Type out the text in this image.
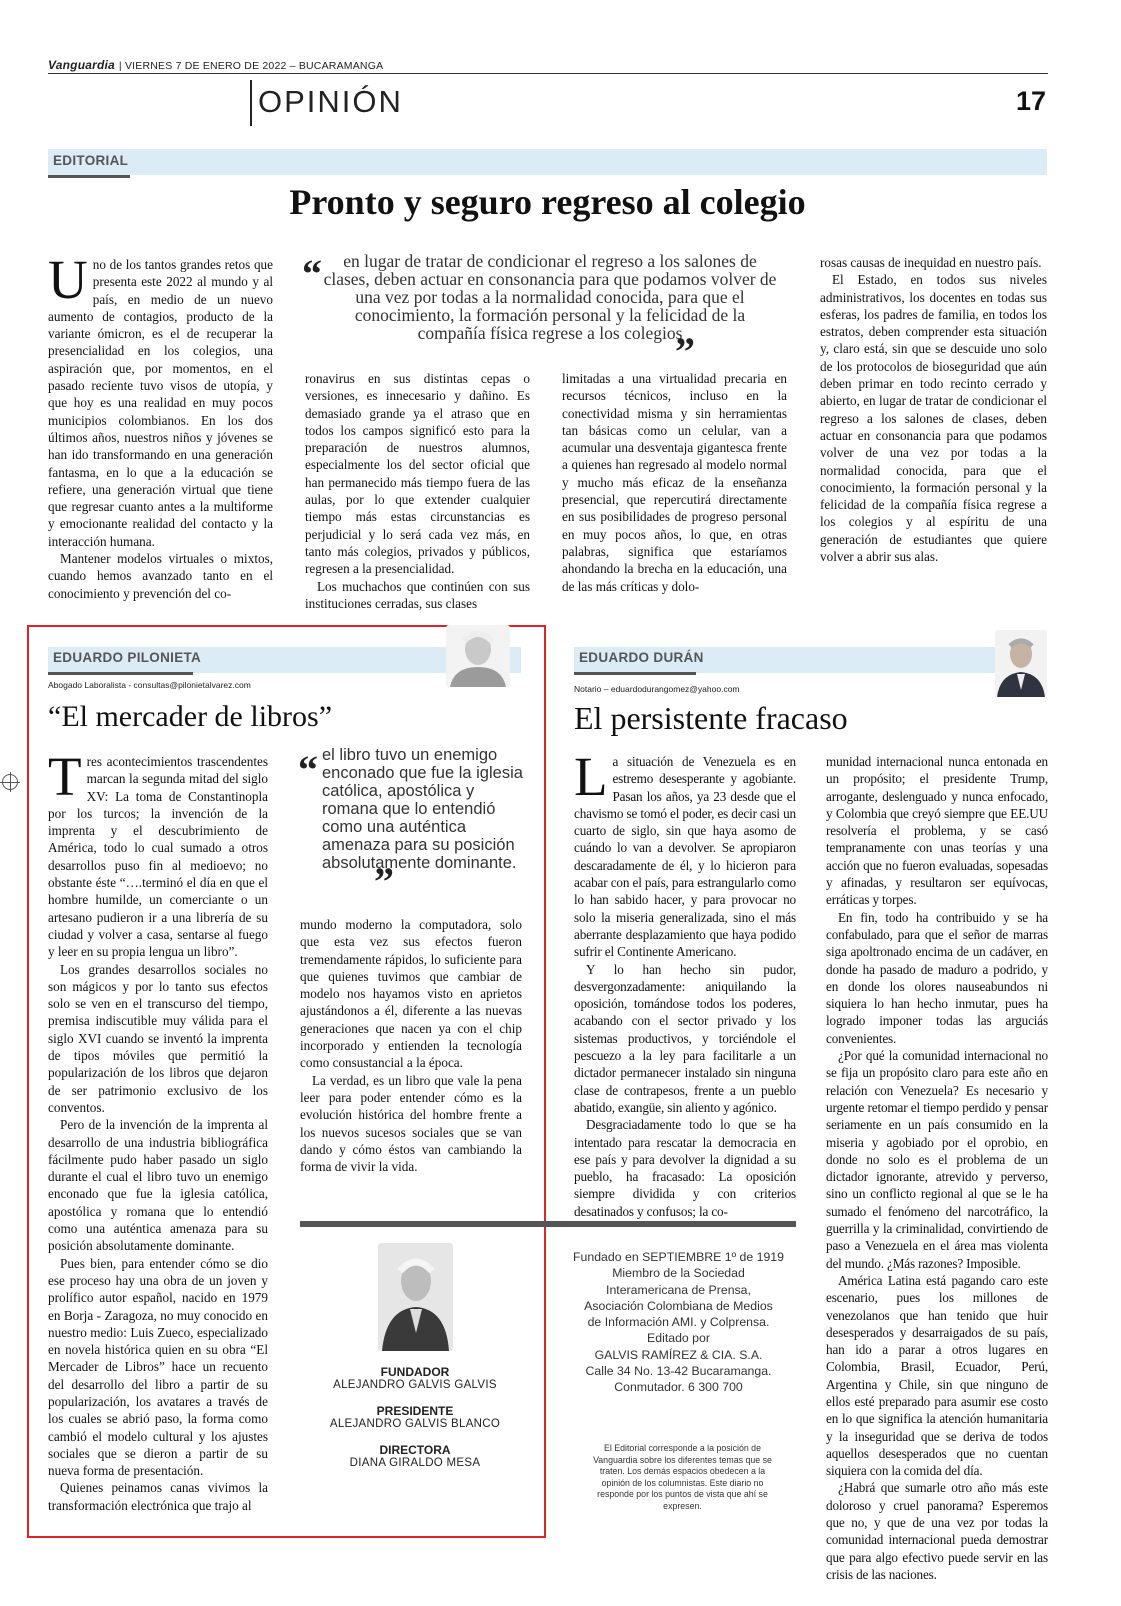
Vanguardia | VIERNES 7 DE ENERO DE 2022 – BUCARAMANGA
OPINIÓN	17
EDITORIAL
Pronto y seguro regreso al colegio

Uno de los tantos grandes retos que presenta este 2022 al mundo y al país, en medio de un nuevo aumento de contagios, producto de la variante ómicron, es el de recuperar la presencialidad en los colegios, una aspiración que, por momentos, en el pasado reciente tuvo visos de utopía, y que hoy es una realidad en muy pocos municipios colombianos. En los dos últimos años, nuestros niños y jóvenes se han ido transformando en una generación fantasma, en lo que a la educación se refiere, una generación virtual que tiene que regresar cuanto antes a la multiforme y emocionante realidad del contacto y la interacción humana.

Mantener modelos virtuales o mixtos, cuando hemos avanzado tanto en el conocimiento y prevención del co-

“	en lugar de tratar de condicionar el regreso a los salones de clases, deben actuar en consonancia para que podamos volver de una vez por todas a la normalidad conocida, para que el conocimiento, la formación personal y la felicidad de la compañía física regrese a los colegios

”

ronavirus en sus distintas cepas o versiones, es innecesario y dañino. Es demasiado grande ya el atraso que en todos los campos significó esto para la preparación de nuestros alumnos, especialmente los del sector oficial que han permanecido más tiempo fuera de las aulas, por lo que extender cualquier tiempo más estas circunstancias es perjudicial y lo será cada vez más, en tanto más colegios, privados y públicos, regresen a la presencialidad.

Los muchachos que continúen con sus instituciones cerradas, sus clases

limitadas a una virtualidad precaria en recursos técnicos, incluso en la conectividad misma y sin herramientas tan básicas como un celular, van a acumular una desventaja gigantesca frente a quienes han regresado al modelo normal y mucho más eficaz de la enseñanza presencial, que repercutirá directamente en sus posibilidades de progreso personal en muy pocos años, lo que, en otras palabras, significa que estaríamos ahondando la brecha en la educación, una de las más críticas y dolo-

rosas causas de inequidad en nuestro país.

El Estado, en todos sus niveles administrativos, los docentes en todas sus esferas, los padres de familia, en todos los estratos, deben comprender esta situación y, claro está, sin que se descuide uno solo de los protocolos de bioseguridad que aún deben primar en todo recinto cerrado y abierto, en lugar de tratar de condicionar el regreso a los salones de clases, deben actuar en consonancia para que podamos volver de una vez por todas a la normalidad conocida, para que el conocimiento, la formación personal y la felicidad de la compañía física regrese a los colegios y al espíritu de una generación de estudiantes que quiere volver a abrir sus alas.

EDUARDO PILONIETA
Abogado Laboralista - consultas@pilonietalvarez.com
“El mercader de libros”

Tres acontecimientos trascendentes marcan la segunda mitad del siglo XV: La toma de Constantinopla por los turcos; la invención de la imprenta y el descubrimiento de América, todo lo cual sumado a otros desarrollos puso fin al medioevo; no obstante éste “….terminó el día en que el hombre humilde, un comerciante o un artesano pudieron ir a una librería de su ciudad y volver a casa, sentarse al fuego y leer en su propia lengua un libro”.

Los grandes desarrollos sociales no son mágicos y por lo tanto sus efectos solo se ven en el transcurso del tiempo, premisa indiscutible muy válida para el siglo XVI cuando se inventó la imprenta de tipos móviles que permitió la popularización de los libros que dejaron de ser patrimonio exclusivo de los conventos.

Pero de la invención de la imprenta al desarrollo de una industria bibliográfica fácilmente pudo haber pasado un siglo durante el cual el libro tuvo un enemigo enconado que fue la iglesia católica, apostólica y romana que lo entendió como una auténtica amenaza para su posición absolutamente dominante.

Pues bien, para entender cómo se dio ese proceso hay una obra de un joven y prolífico autor español, nacido en 1979 en Borja - Zaragoza, no muy conocido en nuestro medio: Luis Zueco, especializado en novela histórica quien en su obra “El Mercader de Libros” hace un recuento del desarrollo del libro a partir de su popularización, los avatares a través de los cuales se abrió paso, la forma como cambió el modelo cultural y los ajustes sociales que se dieron a partir de su nueva forma de presentación.

Quienes peinamos canas vivimos la transformación electrónica que trajo al

“ el libro tuvo un enemigo enconado que fue la iglesia católica, apostólica y romana que lo entendió como una auténtica amenaza para su posición absolutamente dominante.

”

mundo moderno la computadora, solo que esta vez sus efectos fueron tremendamente rápidos, lo suficiente para que quienes tuvimos que cambiar de modelo nos hayamos visto en aprietos ajustándonos a él, diferente a las nuevas generaciones que nacen ya con el chip incorporado y entienden la tecnología como consustancial a la época.

La verdad, es un libro que vale la pena leer para poder entender cómo es la evolución histórica del hombre frente a los nuevos sucesos sociales que se van dando y cómo éstos van cambiando la forma de vivir la vida.

FUNDADOR
ALEJANDRO GALVIS GALVIS
PRESIDENTE
ALEJANDRO GALVIS BLANCO
DIRECTORA
DIANA GIRALDO MESA
Fundado en SEPTIEMBRE 1º de 1919
Miembro de la Sociedad
Interamericana de Prensa,
Asociación Colombiana de Medios
de Información AMI. y Colprensa.
Editado por
GALVIS RAMÍREZ & CIA. S.A.
Calle 34 No. 13-42 Bucaramanga.
Conmutador. 6 300 700
El Editorial corresponde a la posición de Vanguardia sobre los diferentes temas que se traten. Los demás espacios obedecen a la opinión de los columnistas. Este diario no responde por los puntos de vista que ahí se expresen.
EDUARDO DURÁN
Notario – eduardoduran​gomez@yahoo.com
El persistente fracaso

La situación de Venezuela es en estremo desesperante y agobiante. Pasan los años, ya 23 desde que el chavismo se tomó el poder, es decir casi un cuarto de siglo, sin que haya asomo de cuándo lo van a devolver. Se apropiaron descaradamente de él, y lo hicieron para acabar con el país, para estrangularlo como lo han sabido hacer, y para provocar no solo la miseria generalizada, sino el más aberrante desplazamiento que haya podido sufrir el Continente Americano.

Y lo han hecho sin pudor, desvergonzadamente: aniquilando la oposición, tomándose todos los poderes, acabando con el sector privado y los sistemas productivos, y torciéndole el pescuezo a la ley para facilitarle a un dictador permanecer instalado sin ninguna clase de contrapesos, frente a un pueblo abatido, exangüe, sin aliento y agónico.

Desgraciadamente todo lo que se ha intentado para rescatar la democracia en ese país y para devolver la dignidad a su pueblo, ha fracasado: La oposición siempre dividida y con criterios desatinados y confusos; la co-

munidad internacional nunca entonada en un propósito; el presidente Trump, arrogante, deslenguado y nunca enfocado, y Colombia que creyó siempre que EE.UU resolvería el problema, y se casó tempranamente con unas teorías y una acción que no fueron evaluadas, sopesadas y afinadas, y resultaron ser equívocas, erráticas y torpes.

En fin, todo ha contribuido y se ha confabulado, para que el señor de marras siga apoltronado encima de un cadáver, en donde ha pasado de maduro a podrido, y en donde los olores nauseabundos ni siquiera lo han hecho inmutar, pues ha logrado imponer todas las arguciás convenientes.

¿Por qué la comunidad internacional no se fija un propósito claro para este año en relación con Venezuela? Es necesario y urgente retomar el tiempo perdido y pensar seriamente en un país consumido en la miseria y agobiado por el oprobio, en donde no solo es el problema de un dictador ignorante, atrevido y perverso, sino un conflicto regional al que se le ha sumado el fenómeno del narcotráfico, la guerrilla y la criminalidad, convirtiendo de paso a Venezuela en el área mas violenta del mundo. ¿Más razones? Imposible.

América Latina está pagando caro este escenario, pues los millones de venezolanos que han tenido que huir desesperados y desarraigados de su país, han ido a parar a otros lugares en Colombia, Brasil, Ecuador, Perú, Argentina y Chile, sin que ninguno de ellos esté preparado para asumir ese costo en lo que significa la atención humanitaria y la inseguridad que se deriva de todos aquellos desesperados que no cuentan siquiera con la comida del día.

¿Habrá que sumarle otro año más este doloroso y cruel panorama? Esperemos que no, y que de una vez por todas la comunidad internacional pueda demostrar que para algo efectivo puede servir en las crisis de las naciones.
